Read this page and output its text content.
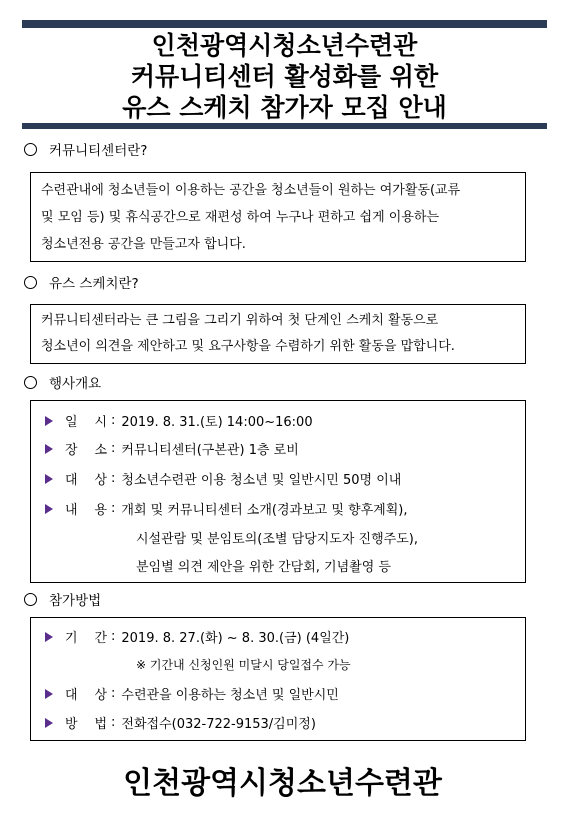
인천광역시청소년수련관
커뮤니티센터 활성화를 위한
유스 스케치 참가자 모집 안내
커뮤니티센터란?

수련관내에 청소년들이 이용하는 공간을 청소년들이 원하는 여가활동(교류

및 모임 등) 및 휴식공간으로 재편성 하여 누구나 편하고 쉽게 이용하는

청소년전용 공간을 만들고자 합니다.

유스 스케치란?

커뮤니티센터라는 큰 그림을 그리기 위하여 첫 단계인 스케치 활동으로

청소년이 의견을 제안하고 및 요구사항을 수렴하기 위한 활동을 맙합니다.

행사개요
일 시 : 2019. 8. 31.(토) 14:00~16:00
장 소 : 커뮤니티센터(구본관) 1층 로비
대 상 : 청소년수련관 이용 청소년 및 일반시민 50명 이내
내 용 : 개회 및 커뮤니티센터 소개(경과보고 및 향후계획),
시설관람 및 분임토의(조별 담당지도자 진행주도),
분임별 의견 제안을 위한 간담회, 기념촬영 등
참가방법
기 간 : 2019. 8. 27.(화) ~ 8. 30.(금) (4일간)
※ 기간내 신청인원 미달시 당일접수 가능
대 상 : 수련관을 이용하는 청소년 및 일반시민
방 법 : 전화접수(032-722-9153/김미정)
인천광역시청소년수련관
